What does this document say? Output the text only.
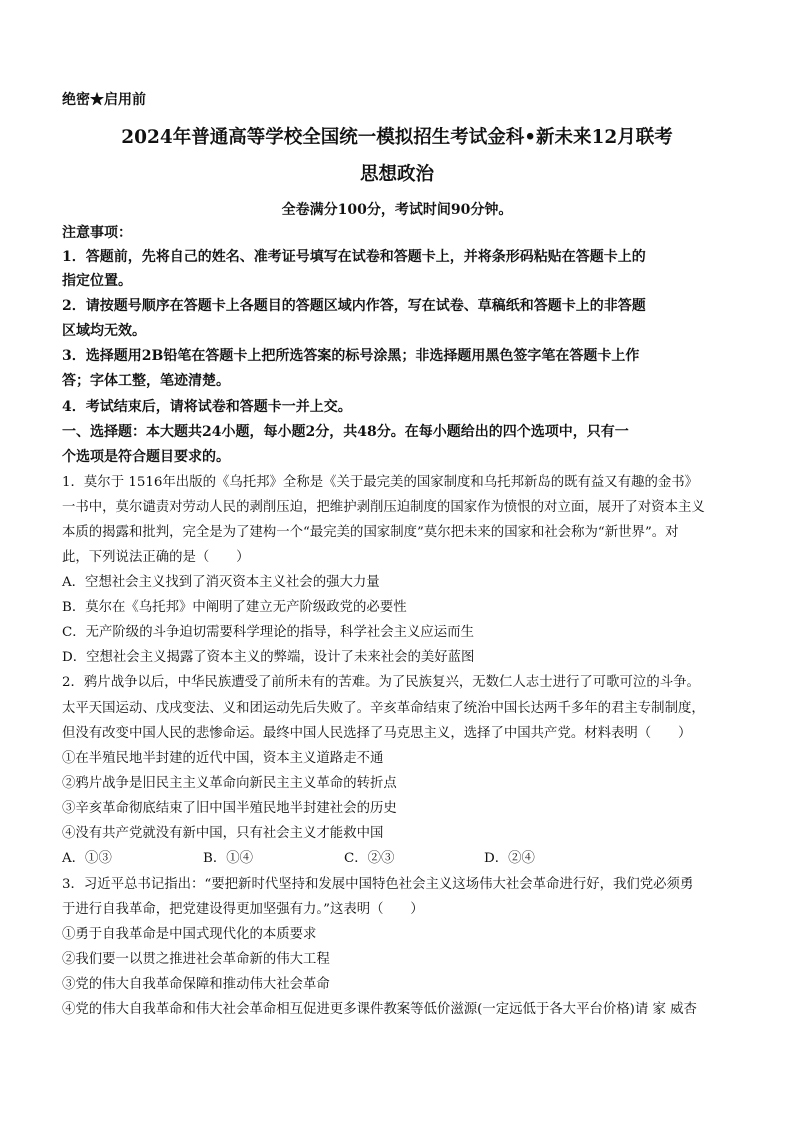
绝密★启用前
2024年普通高等学校全国统一模拟招生考试金科•新未来12月联考
思想政治
全卷满分100分，考试时间90分钟。
注意事项：
1．答题前，先将自己的姓名、准考证号填写在试卷和答题卡上，并将条形码粘贴在答题卡上的
指定位置。
2．请按题号顺序在答题卡上各题目的答题区域内作答，写在试卷、草稿纸和答题卡上的非答题
区域均无效。
3．选择题用2B铅笔在答题卡上把所选答案的标号涂黑；非选择题用黑色签字笔在答题卡上作
答；字体工整，笔迹清楚。
4．考试结束后，请将试卷和答题卡一并上交。
一、选择题：本大题共24小题，每小题2分，共48分。在每小题给出的四个选项中，只有一
个选项是符合题目要求的。
1．莫尔于 1516年出版的《乌托邦》全称是《关于最完美的国家制度和乌托邦新岛的既有益又有趣的金书》
一书中，莫尔谴责对劳动人民的剥削压迫，把维护剥削压迫制度的国家作为愤恨的对立面，展开了对资本主义
本质的揭露和批判，完全是为了建构一个“最完美的国家制度”莫尔把未来的国家和社会称为“新世界”。对
此，下列说法正确的是（　　）
A．空想社会主义找到了消灭资本主义社会的强大力量
B．莫尔在《乌托邦》中阐明了建立无产阶级政党的必要性
C．无产阶级的斗争迫切需要科学理论的指导，科学社会主义应运而生
D．空想社会主义揭露了资本主义的弊端，设计了未来社会的美好蓝图
2．鸦片战争以后，中华民族遭受了前所未有的苦难。为了民族复兴，无数仁人志士进行了可歌可泣的斗争。
太平天国运动、戊戌变法、义和团运动先后失败了。辛亥革命结束了统治中国长达两千多年的君主专制制度，
但没有改变中国人民的悲惨命运。最终中国人民选择了马克思主义，选择了中国共产党。材料表明（　　）
①在半殖民地半封建的近代中国，资本主义道路走不通
②鸦片战争是旧民主主义革命向新民主主义革命的转折点
③辛亥革命彻底结束了旧中国半殖民地半封建社会的历史
④没有共产党就没有新中国，只有社会主义才能救中国
A．①③	B．①④	C．②③	D．②④
3．习近平总书记指出：“要把新时代坚持和发展中国特色社会主义这场伟大社会革命进行好，我们党必须勇
于进行自我革命，把党建设得更加坚强有力。”这表明（　　）
①勇于自我革命是中国式现代化的本质要求
②我们要一以贯之推进社会革命新的伟大工程
③党的伟大自我革命保障和推动伟大社会革命
④党的伟大自我革命和伟大社会革命相互促进更多课件教案等低价滋源(一定远低于各大平台价格)请 家 威杏
